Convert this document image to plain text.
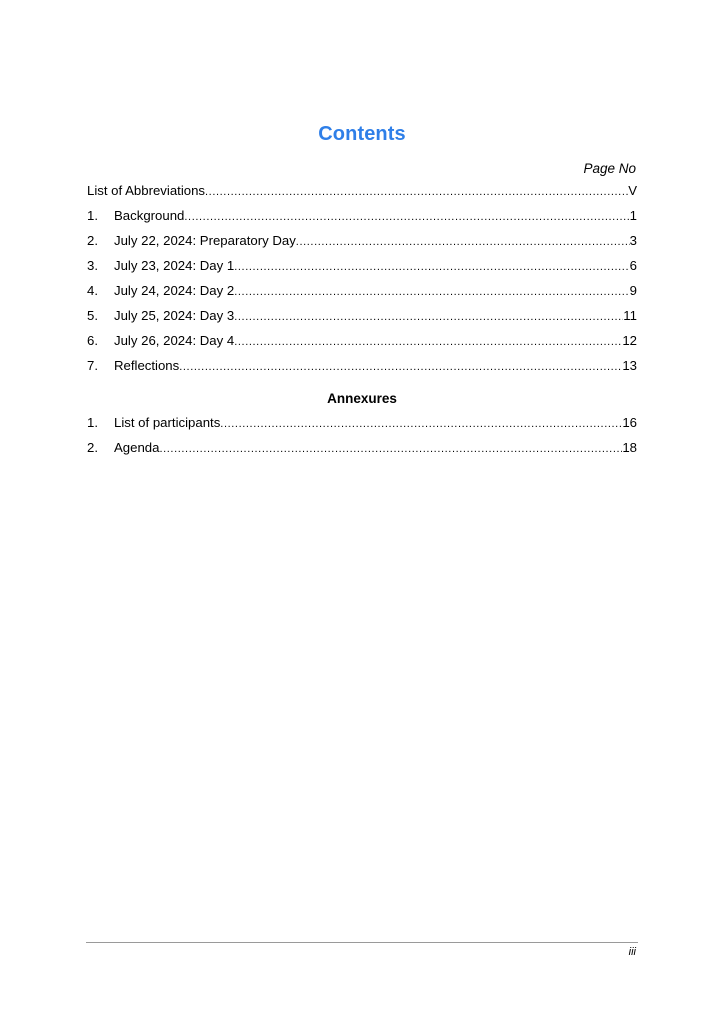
Contents
Page No
List of Abbreviations .....	V
1.	Background .....	1
2.	July 22, 2024: Preparatory Day .....	3
3.	July 23, 2024: Day 1 .....	6
4.	July 24, 2024: Day 2 .....	9
5.	July 25, 2024: Day 3 .....	11
6.	July 26, 2024: Day 4 .....	12
7.	Reflections .....	13
Annexures
1.	List of participants .....	16
2.	Agenda .....	18
iii
